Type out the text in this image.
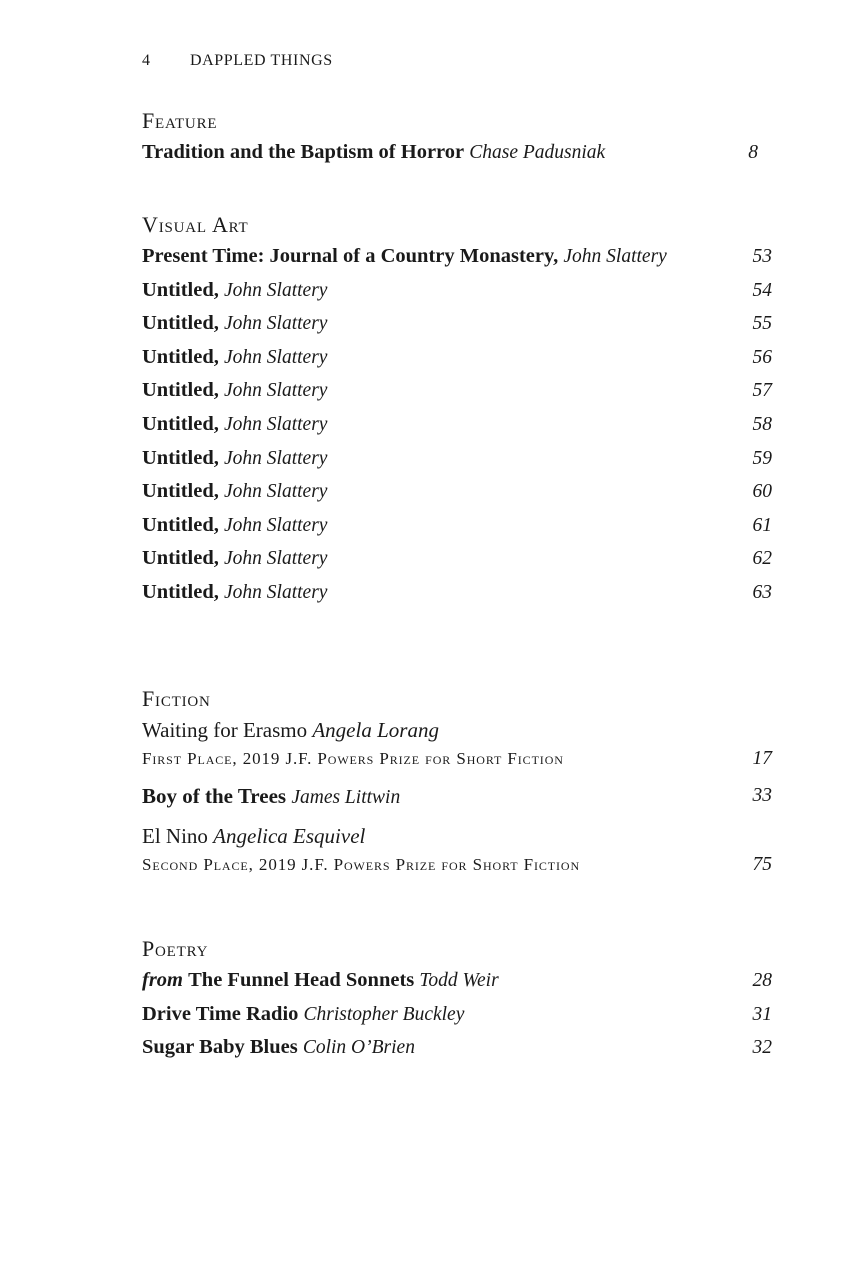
4 DAPPLED THINGS
Feature
Tradition and the Baptism of Horror Chase Padusniak	8
Visual Art
Present Time: Journal of a Country Monastery, John Slattery	53
Untitled, John Slattery	54
Untitled, John Slattery	55
Untitled, John Slattery	56
Untitled, John Slattery	57
Untitled, John Slattery	58
Untitled, John Slattery	59
Untitled, John Slattery	60
Untitled, John Slattery	61
Untitled, John Slattery	62
Untitled, John Slattery	63
Fiction
Waiting for Erasmo Angela Lorang
First Place, 2019 J.F. Powers Prize for Short Fiction	17
Boy of the Trees James Littwin	33
El Nino Angelica Esquivel
Second Place, 2019 J.F. Powers Prize for Short Fiction	75
Poetry
from The Funnel Head Sonnets Todd Weir	28
Drive Time Radio Christopher Buckley	31
Sugar Baby Blues Colin O’Brien	32
